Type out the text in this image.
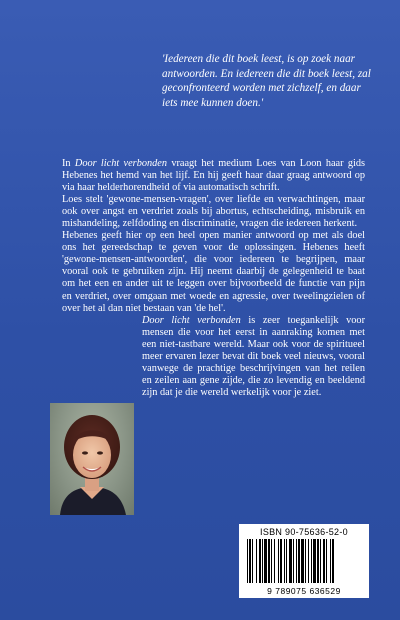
'Iedereen die dit boek leest, is op zoek naar antwoorden. En iedereen die dit boek leest, zal geconfronteerd worden met zichzelf, en daar iets mee kunnen doen.'

In Door licht verbonden vraagt het medium Loes van Loon haar gids Hebenes het hemd van het lijf. En hij geeft haar daar graag antwoord op via haar helderhorendheid of via automatisch schrift.

Loes stelt 'gewone-mensen-vragen', over liefde en verwachtingen, maar ook over angst en verdriet zoals bij abortus, echtscheiding, misbruik en mishandeling, zelfdoding en discriminatie, vragen die iedereen herkent.

Hebenes geeft hier op een heel open manier antwoord op met als doel ons het gereedschap te geven voor de oplossingen. Hebenes heeft 'gewone-mensen-antwoorden', die voor iedereen te begrijpen, maar vooral ook te gebruiken zijn. Hij neemt daarbij de gelegenheid te baat om het een en ander uit te leggen over bijvoorbeeld de functie van pijn en verdriet, over omgaan met woede en agressie, over tweelingzielen of over het al dan niet bestaan van 'de hel'.

Door licht verbonden is zeer toegankelijk voor mensen die voor het eerst in aanraking komen met een niet-tastbare wereld. Maar ook voor de spiritueel meer ervaren lezer bevat dit boek veel nieuws, vooral vanwege de prachtige beschrijvingen van het reilen en zeilen aan gene zijde, die zo levendig en beeldend zijn dat je die wereld werkelijk voor je ziet.

ISBN 90-75636-52-0
9 789075 636529
